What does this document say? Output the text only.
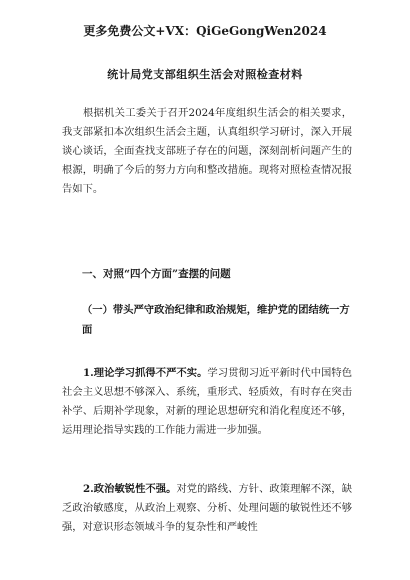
更多免费公文+VX：QiGeGongWen2024
统计局党支部组织生活会对照检查材料

根据机关工委关于召开2024年度组织生活会的相关要求，我支部紧扣本次组织生活会主题，认真组织学习研讨，深入开展谈心谈话，全面查找支部班子存在的问题，深刻剖析问题产生的根源，明确了今后的努力方向和整改措施。现将对照检查情况报告如下。

一、对照“四个方面”查摆的问题
（一）带头严守政治纪律和政治规矩，维护党的团结统一方面

1.理论学习抓得不严不实。学习贯彻习近平新时代中国特色社会主义思想不够深入、系统，重形式、轻质效，有时存在突击补学、后期补学现象，对新的理论思想研究和消化程度还不够，运用理论指导实践的工作能力需进一步加强。

2.政治敏锐性不强。对党的路线、方针、政策理解不深，缺乏政治敏感度，从政治上观察、分析、处理问题的敏锐性还不够强，对意识形态领域斗争的复杂性和严峻性
